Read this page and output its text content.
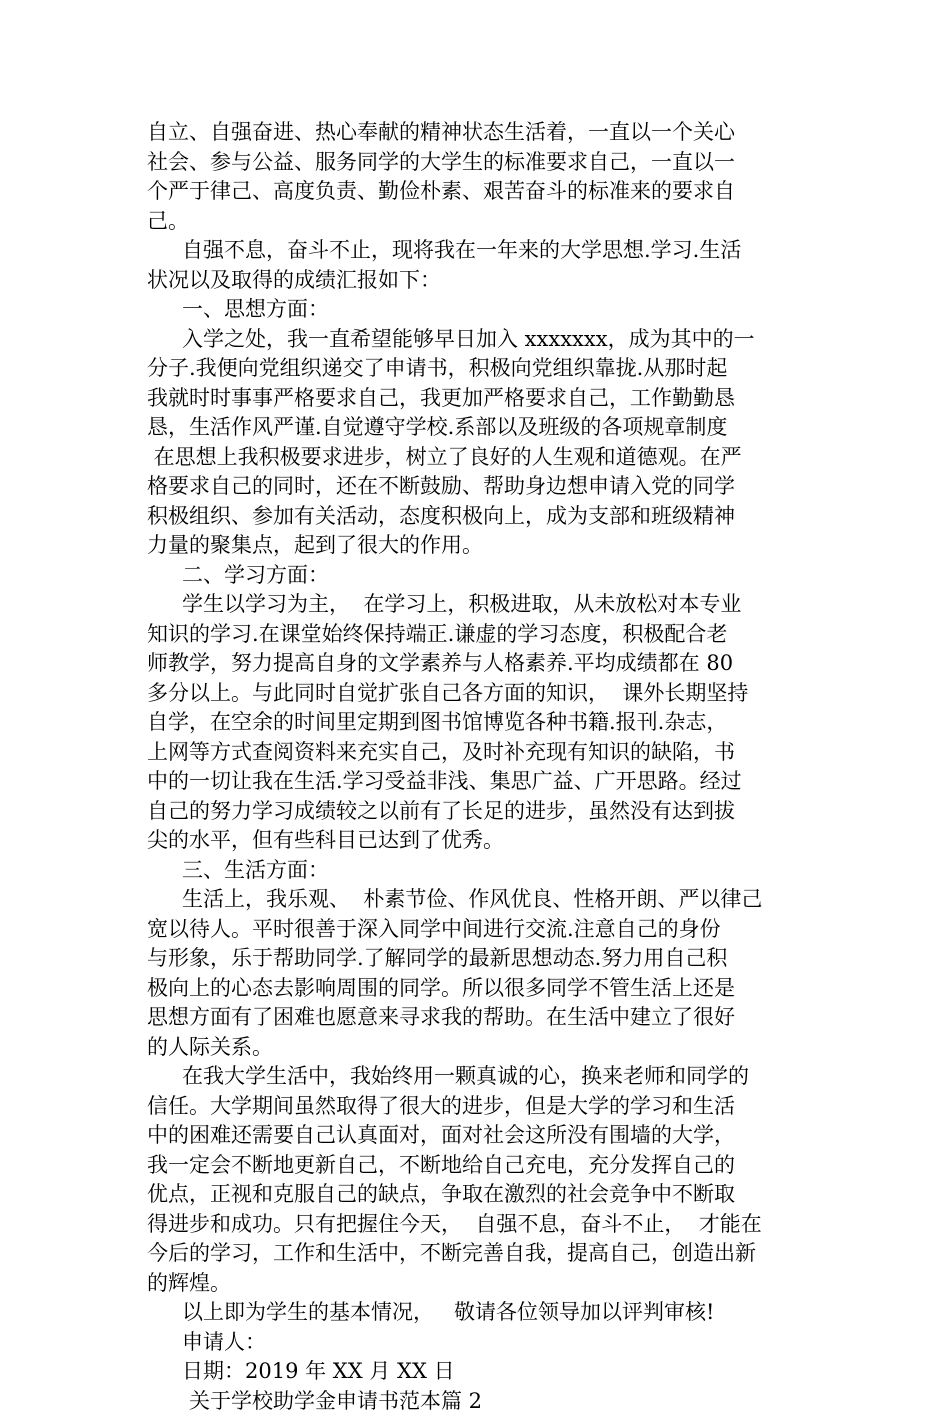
自立、自强奋进、热心奉献的精神状态生活着，一直以一个关心
社会、参与公益、服务同学的大学生的标准要求自己，一直以一
个严于律己、高度负责、勤俭朴素、艰苦奋斗的标准来的要求自
己。
自强不息，奋斗不止，现将我在一年来的大学思想.学习.生活
状况以及取得的成绩汇报如下：
一、思想方面：
入学之处，我一直希望能够早日加入 xxxxxxx，成为其中的一
分子.我便向党组织递交了申请书，积极向党组织靠拢.从那时起
我就时时事事严格要求自己，我更加严格要求自己，工作勤勤恳
恳，生活作风严谨.自觉遵守学校.系部以及班级的各项规章制度
在思想上我积极要求进步，树立了良好的人生观和道德观。在严
格要求自己的同时，还在不断鼓励、帮助身边想申请入党的同学
积极组织、参加有关活动，态度积极向上，成为支部和班级精神
力量的聚集点，起到了很大的作用。
二、学习方面：
学生以学习为主，  在学习上，积极进取，从未放松对本专业
知识的学习.在课堂始终保持端正.谦虚的学习态度，积极配合老
师教学，努力提高自身的文学素养与人格素养.平均成绩都在 80
多分以上。与此同时自觉扩张自己各方面的知识，  课外长期坚持
自学，在空余的时间里定期到图书馆博览各种书籍.报刊.杂志，
上网等方式查阅资料来充实自己，及时补充现有知识的缺陷，书
中的一切让我在生活.学习受益非浅、集思广益、广开思路。经过
自己的努力学习成绩较之以前有了长足的进步，虽然没有达到拔
尖的水平，但有些科目已达到了优秀。
三、生活方面：
生活上，我乐观、  朴素节俭、作风优良、性格开朗、严以律己
宽以待人。平时很善于深入同学中间进行交流.注意自己的身份
与形象，乐于帮助同学.了解同学的最新思想动态.努力用自己积
极向上的心态去影响周围的同学。所以很多同学不管生活上还是
思想方面有了困难也愿意来寻求我的帮助。在生活中建立了很好
的人际关系。
在我大学生活中，我始终用一颗真诚的心，换来老师和同学的
信任。大学期间虽然取得了很大的进步，但是大学的学习和生活
中的困难还需要自己认真面对，面对社会这所没有围墙的大学，
我一定会不断地更新自己，不断地给自己充电，充分发挥自己的
优点，正视和克服自己的缺点，争取在激烈的社会竞争中不断取
得进步和成功。只有把握住今天，  自强不息，奋斗不止，  才能在
今后的学习，工作和生活中，不断完善自我，提高自己，创造出新
的辉煌。
以上即为学生的基本情况，   敬请各位领导加以评判审核!
申请人：
日期：2019 年 XX 月 XX 日
关于学校助学金申请书范本篇 2
